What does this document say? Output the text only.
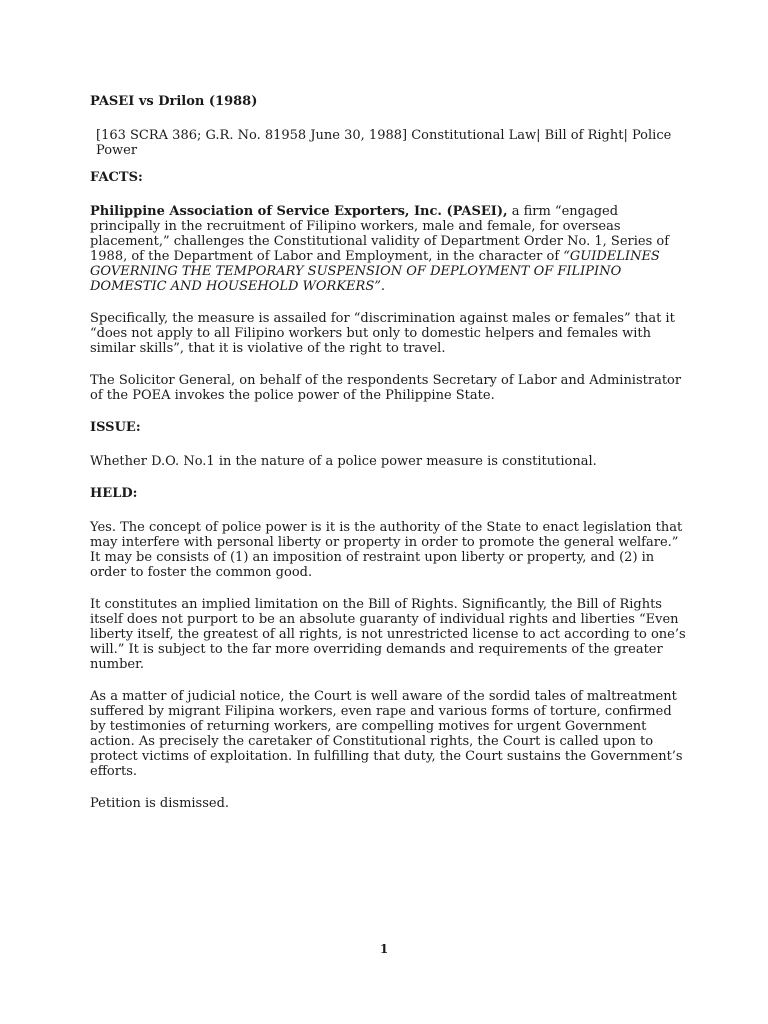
PASEI vs Drilon (1988)
[163 SCRA 386; G.R. No. 81958 June 30, 1988] Constitutional Law| Bill of Right| Police Power
FACTS:

Philippine Association of Service Exporters, Inc. (PASEI), a firm “engaged principally in the recruitment of Filipino workers, male and female, for overseas placement,” challenges the Constitutional validity of Department Order No. 1, Series of 1988, of the Department of Labor and Employment, in the character of “GUIDELINES GOVERNING THE TEMPORARY SUSPENSION OF DEPLOYMENT OF FILIPINO DOMESTIC AND HOUSEHOLD WORKERS”.

Specifically, the measure is assailed for “discrimination against males or females” that it “does not apply to all Filipino workers but only to domestic helpers and females with similar skills”, that it is violative of the right to travel.

The Solicitor General, on behalf of the respondents Secretary of Labor and Administrator of the POEA invokes the police power of the Philippine State.

ISSUE:

Whether D.O. No.1 in the nature of a police power measure is constitutional.

HELD:

Yes. The concept of police power is it is the authority of the State to enact legislation that may interfere with personal liberty or property in order to promote the general welfare.” It may be consists of (1) an imposition of restraint upon liberty or property, and (2) in order to foster the common good.

It constitutes an implied limitation on the Bill of Rights. Significantly, the Bill of Rights itself does not purport to be an absolute guaranty of individual rights and liberties “Even liberty itself, the greatest of all rights, is not unrestricted license to act according to one’s will.” It is subject to the far more overriding demands and requirements of the greater number.

As a matter of judicial notice, the Court is well aware of the sordid tales of maltreatment suffered by migrant Filipina workers, even rape and various forms of torture, confirmed by testimonies of returning workers, are compelling motives for urgent Government action. As precisely the caretaker of Constitutional rights, the Court is called upon to protect victims of exploitation. In fulfilling that duty, the Court sustains the Government’s efforts.

Petition is dismissed.

1
